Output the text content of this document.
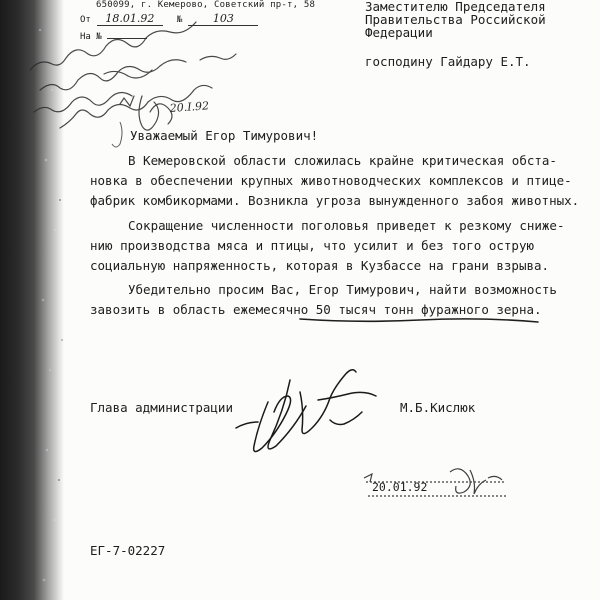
650099, г. Кемерово, Советский пр-т, 58
От 18.01.92	№	103
На №
Заместителю Председателя
Правительства Российской
Федерации
господину Гайдару Е.Т.
20.I.92
Уважаемый Егор Тимурович!
В Кемеровской области сложилась крайне критическая обста-
новка в обеспечении крупных животноводческих комплексов и птице-
фабрик комбикормами. Возникла угроза вынужденного забоя животных.
Сокращение численности поголовья приведет к резкому сниже-
нию производства мяса и птицы, что усилит и без того острую
социальную напряженность, которая в Кузбассе на грани взрыва.
Убедительно просим Вас, Егор Тимурович, найти возможность
завозить в область ежемесячно 50 тысяч тонн фуражного зерна.
Глава администрации	М.Б.Кислюк
20.01.92
ЕГ-7-02227
